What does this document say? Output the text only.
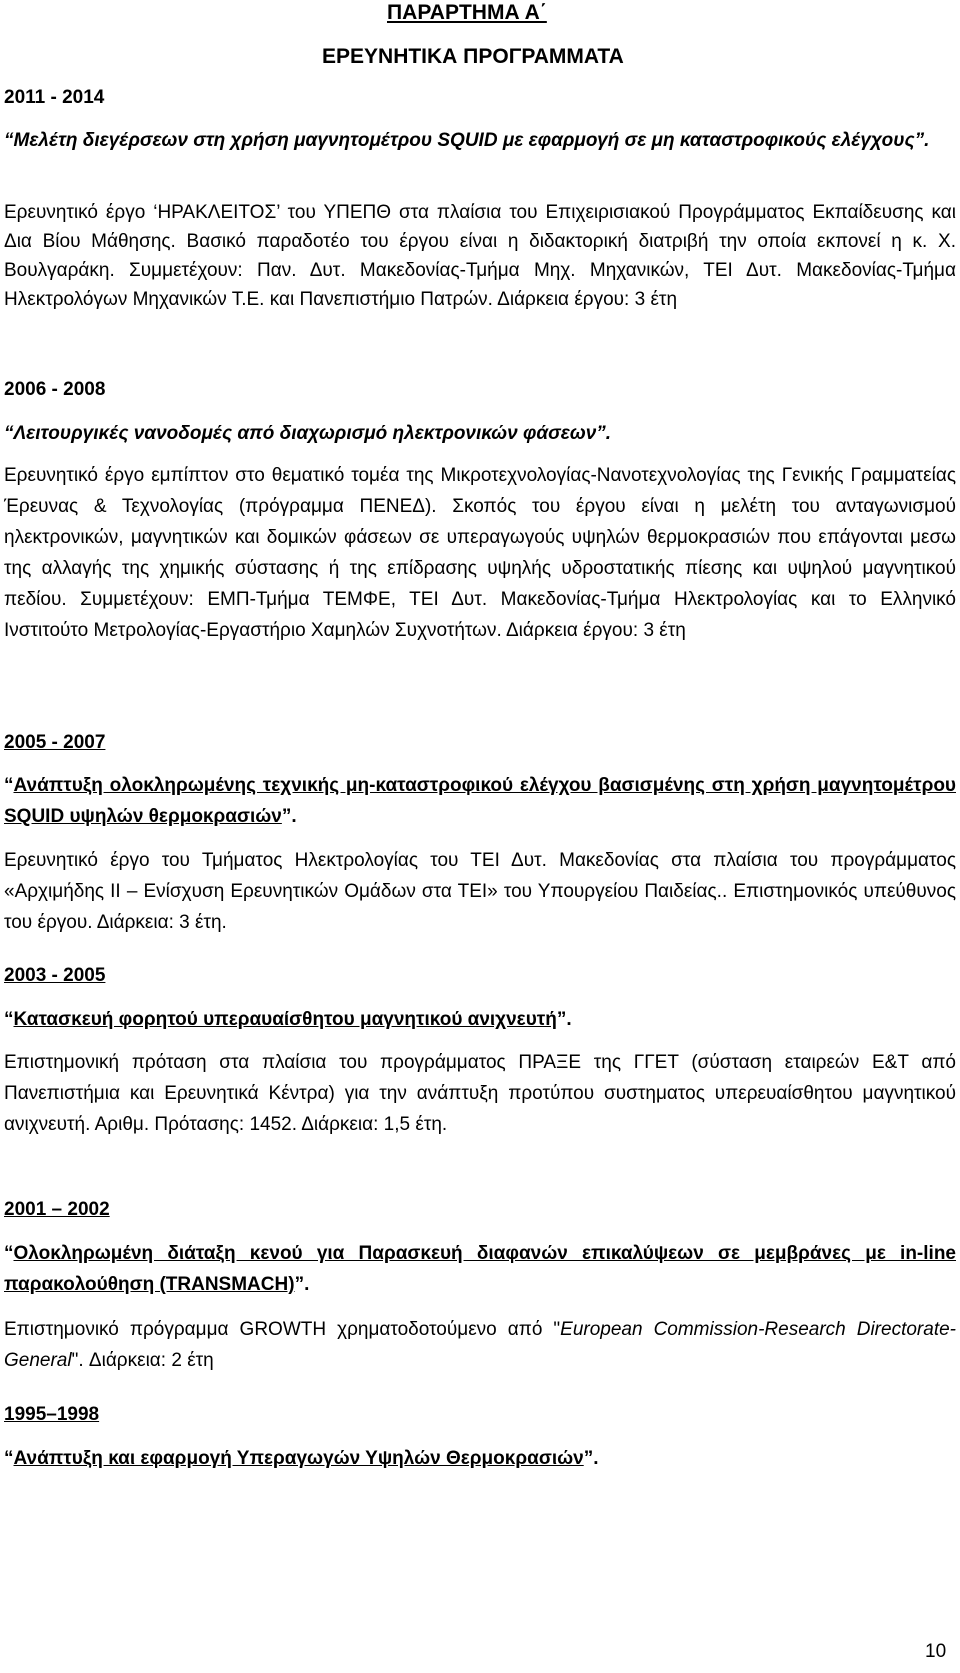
ΠΑΡΑΡΤΗΜΑ Α΄
ΕΡΕΥΝΗΤΙΚΑ ΠΡΟΓΡΑΜΜΑΤΑ

2011 - 2014

“Μελέτη διεγέρσεων στη χρήση μαγνητομέτρου SQUID με εφαρμογή σε μη καταστροφικούς ελέγχους”.

Ερευνητικό έργο ‘ΗΡΑΚΛΕΙΤΟΣ’ του ΥΠΕΠΘ στα πλαίσια του Επιχειρισιακού Προγράμματος Εκπαίδευσης και Δια Βίου Μάθησης. Βασικό παραδοτέο του έργου είναι η διδακτορική διατριβή την οποία εκπονεί η κ. Χ. Βουλγαράκη. Συμμετέχουν: Παν. Δυτ. Μακεδονίας-Τμήμα Μηχ. Μηχανικών, ΤΕΙ Δυτ. Μακεδονίας-Τμήμα Ηλεκτρολόγων Μηχανικών Τ.Ε. και Πανεπιστήμιο Πατρών. Διάρκεια έργου: 3 έτη

2006 - 2008

“Λειτουργικές νανοδομές από διαχωρισμό ηλεκτρονικών φάσεων”.

Ερευνητικό έργο εμπίπτον στο θεματικό τομέα της Μικροτεχνολογίας-Νανοτεχνολογίας της Γενικής Γραμματείας Έρευνας & Τεχνολογίας (πρόγραμμα ΠΕΝΕΔ). Σκοπός του έργου είναι η μελέτη του ανταγωνισμού ηλεκτρονικών, μαγνητικών και δομικών φάσεων σε υπεραγωγούς υψηλών θερμοκρασιών που επάγονται μεσω της αλλαγής της χημικής σύστασης ή της επίδρασης υψηλής υδροστατικής πίεσης και υψηλού μαγνητικού πεδίου. Συμμετέχουν: ΕΜΠ-Τμήμα ΤΕΜΦΕ, ΤΕΙ Δυτ. Μακεδονίας-Τμήμα Ηλεκτρολογίας και το Ελληνικό Ινστιτούτο Μετρολογίας-Εργαστήριο Χαμηλών Συχνοτήτων. Διάρκεια έργου: 3 έτη

2005 - 2007

“Ανάπτυξη ολοκληρωμένης τεχνικής μη-καταστροφικού ελέγχου βασισμένης στη χρήση μαγνητομέτρου SQUID υψηλών θερμοκρασιών”.

Ερευνητικό έργο του Τμήματος Ηλεκτρολογίας του ΤΕΙ Δυτ. Μακεδονίας στα πλαίσια του προγράμματος «Αρχιμήδης ΙΙ – Ενίσχυση Ερευνητικών Ομάδων στα ΤΕΙ» του Υπουργείου Παιδείας.. Επιστημονικός υπεύθυνος του έργου. Διάρκεια: 3 έτη.

2003 - 2005

“Κατασκευή φορητού υπεραυαίσθητου μαγνητικού ανιχνευτή”.

Επιστημονική πρόταση στα πλαίσια του προγράμματος ΠΡΑΞΕ της ΓΓΕΤ (σύσταση εταιρεών Ε&Τ από Πανεπιστήμια και Ερευνητικά Κέντρα) για την ανάπτυξη προτύπου συστηματος υπερευαίσθητου μαγνητικού ανιχνευτή. Αριθμ. Πρότασης: 1452. Διάρκεια: 1,5 έτη.

2001 – 2002

“Ολοκληρωμένη διάταξη κενού για Παρασκευή διαφανών επικαλύψεων σε μεμβράνες με in-line παρακολούθηση (TRANSMACH)”.

Επιστημονικό πρόγραμμα GROWTH χρηματοδοτούμενο από "European Commission-Research Directorate-General". Διάρκεια: 2 έτη

1995–1998

“Ανάπτυξη και εφαρμογή Υπεραγωγών Υψηλών Θερμοκρασιών”.

10
